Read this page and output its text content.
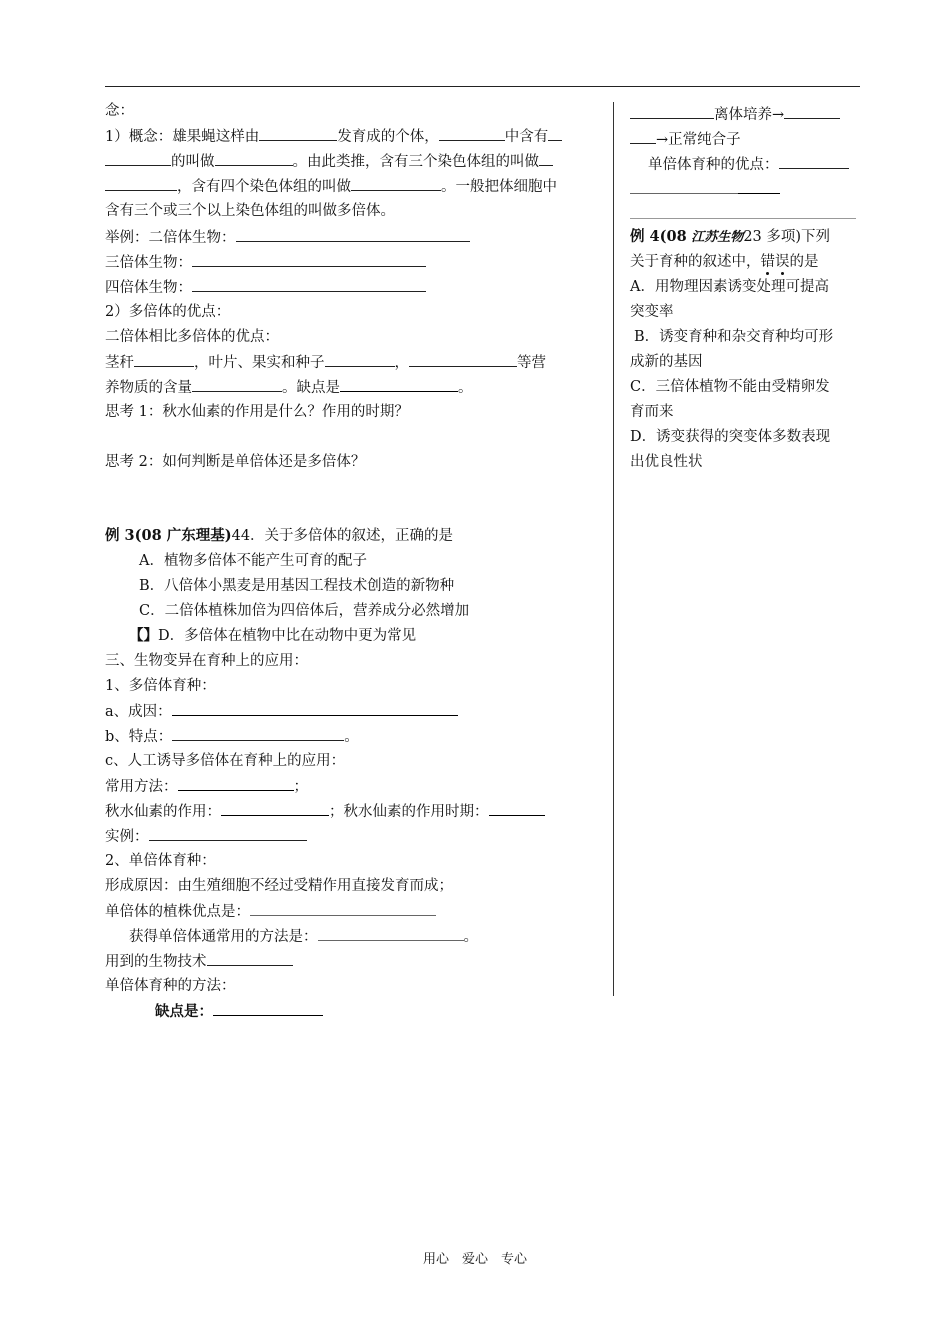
念：
1）概念：雄果蝇这样由	发育成的个体，	中含有
的叫做	。由此类推，含有三个染色体组的叫做
，含有四个染色体组的叫做	。一般把体细胞中
含有三个或三个以上染色体组的叫做多倍体。
举例：二倍体生物：
三倍体生物：
四倍体生物：
2）多倍体的优点：
二倍体相比多倍体的优点：
茎秆	，叶片、果实和种子	，	等营
养物质的含量	。缺点是	。
思考 1：秋水仙素的作用是什么？作用的时期？
思考 2：如何判断是单倍体还是多倍体？
例 3(08 广东理基)44．关于多倍体的叙述，正确的是
A．植物多倍体不能产生可育的配子
B．八倍体小黑麦是用基因工程技术创造的新物种
C．二倍体植株加倍为四倍体后，营养成分必然增加
【】D．多倍体在植物中比在动物中更为常见
三、生物变异在育种上的应用：
1、多倍体育种：
a、成因：
b、特点：	。
c、人工诱导多倍体在育种上的应用：
常用方法：	；
秋水仙素的作用：	；秋水仙素的作用时期：
实例：
2、单倍体育种：
形成原因：由生殖细胞不经过受精作用直接发育而成；
单倍体的植株优点是：
获得单倍体通常用的方法是：	。
用到的生物技术
单倍体育种的方法：
缺点是：
离体培养→
→正常纯合子
单倍体育种的优点：
例 4(08 江苏生物23 多项)下列
关于育种的叙述中，错误的是
A．用物理因素诱变处理可提高
突变率
B．诱变育种和杂交育种均可形
成新的基因
C．三倍体植物不能由受精卵发
育而来
D．诱变获得的突变体多数表现
出优良性状
用心　爱心　专心
